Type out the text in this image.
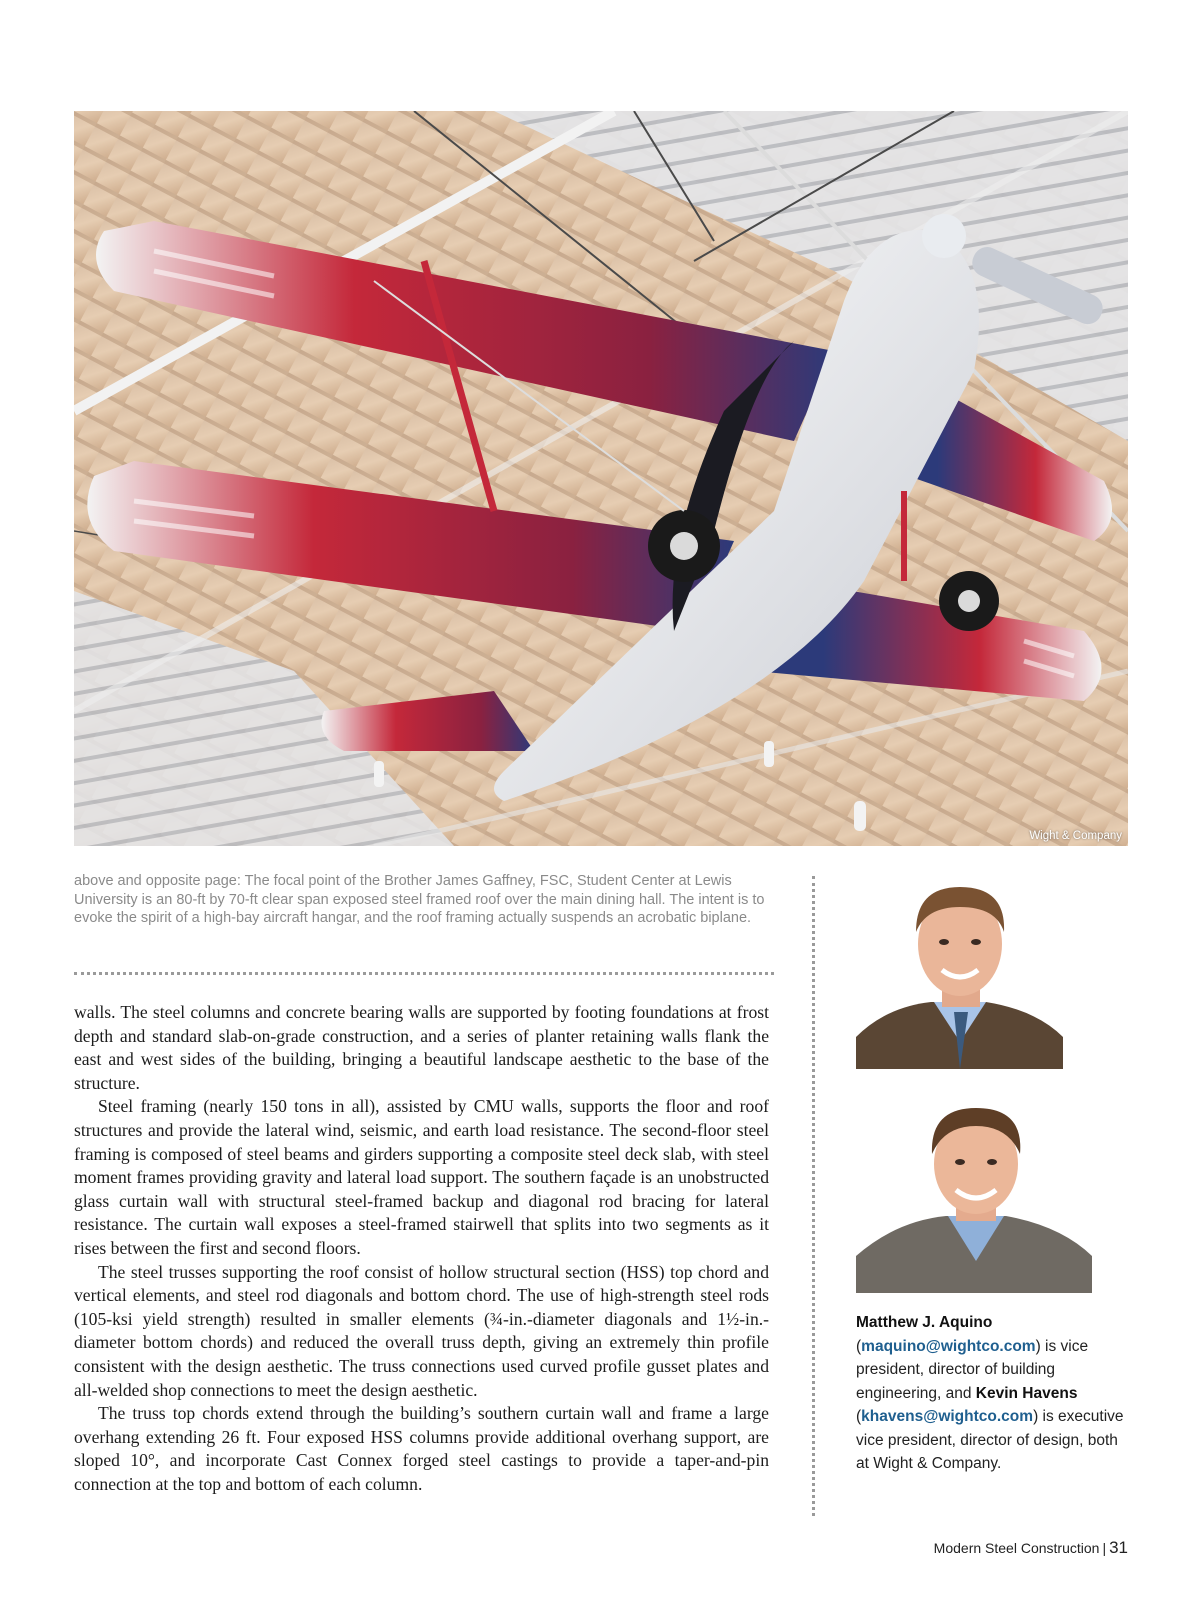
Wight & Company
above and opposite page: The focal point of the Brother James Gaffney, FSC, Student Center at Lewis University is an 80-ft by 70-ft clear span exposed steel framed roof over the main dining hall. The intent is to evoke the spirit of a high-bay aircraft hangar, and the roof framing actually suspends an acrobatic biplane.

walls. The steel columns and concrete bearing walls are supported by footing foundations at frost depth and standard slab-on-grade construction, and a series of planter retaining walls flank the east and west sides of the building, bringing a beautiful landscape aesthetic to the base of the structure.

Steel framing (nearly 150 tons in all), assisted by CMU walls, supports the floor and roof structures and provide the lateral wind, seismic, and earth load resistance. The second-floor steel framing is composed of steel beams and girders supporting a composite steel deck slab, with steel moment frames providing gravity and lateral load support. The southern façade is an unobstructed glass curtain wall with structural steel-framed backup and diagonal rod bracing for lateral resistance. The curtain wall exposes a steel-framed stairwell that splits into two segments as it rises between the first and second floors.

The steel trusses supporting the roof consist of hollow structural section (HSS) top chord and vertical elements, and steel rod diagonals and bottom chord. The use of high-strength steel rods (105-ksi yield strength) resulted in smaller elements (¾-in.-diameter diagonals and 1½-in.-diameter bottom chords) and reduced the overall truss depth, giving an extremely thin profile consistent with the design aesthetic. The truss connections used curved profile gusset plates and all-welded shop connections to meet the design aesthetic.

The truss top chords extend through the building’s southern curtain wall and frame a large overhang extending 26 ft. Four exposed HSS columns provide additional overhang support, are sloped 10°, and incorporate Cast Connex forged steel castings to provide a taper-and-pin connection at the top and bottom of each column.

Matthew J. Aquino (maquino@wightco.com) is vice president, director of building engineering, and Kevin Havens (khavens@wightco.com) is executive vice president, director of design, both at Wight & Company.
Modern Steel Construction | 31
